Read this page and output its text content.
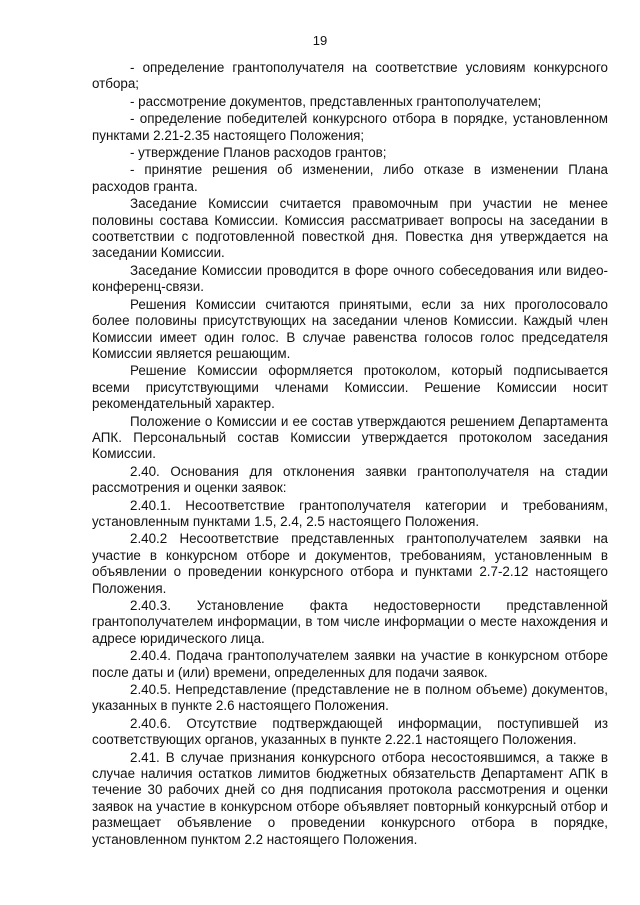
19

- определение грантополучателя на соответствие условиям конкурсного отбора;

- рассмотрение документов, представленных грантополучателем;

- определение победителей конкурсного отбора в порядке, установленном пунктами 2.21-2.35 настоящего Положения;

- утверждение Планов расходов грантов;

- принятие решения об изменении, либо отказе в изменении Плана расходов гранта.

Заседание Комиссии считается правомочным при участии не менее половины состава Комиссии. Комиссия рассматривает вопросы на заседании в соответствии с подготовленной повесткой дня. Повестка дня утверждается на заседании Комиссии.

Заседание Комиссии проводится в форе очного собеседования или видео-конференц-связи.

Решения Комиссии считаются принятыми, если за них проголосовало более половины присутствующих на заседании членов Комиссии. Каждый член Комиссии имеет один голос. В случае равенства голосов голос председателя Комиссии является решающим.

Решение Комиссии оформляется протоколом, который подписывается всеми присутствующими членами Комиссии. Решение Комиссии носит рекомендательный характер.

Положение о Комиссии и ее состав утверждаются решением Департамента АПК. Персональный состав Комиссии утверждается протоколом заседания Комиссии.

2.40. Основания для отклонения заявки грантополучателя на стадии рассмотрения и оценки заявок:

2.40.1. Несоответствие грантополучателя категории и требованиям, установленным пунктами 1.5, 2.4, 2.5 настоящего Положения.

2.40.2 Несоответствие представленных грантополучателем заявки на участие в конкурсном отборе и документов, требованиям, установленным в объявлении о проведении конкурсного отбора и пунктами 2.7-2.12 настоящего Положения.

2.40.3. Установление факта недостоверности представленной грантополучателем информации, в том числе информации о месте нахождения и адресе юридического лица.

2.40.4. Подача грантополучателем заявки на участие в конкурсном отборе после даты и (или) времени, определенных для подачи заявок.

2.40.5. Непредставление (представление не в полном объеме) документов, указанных в пункте 2.6 настоящего Положения.

2.40.6. Отсутствие подтверждающей информации, поступившей из соответствующих органов, указанных в пункте 2.22.1 настоящего Положения.

2.41. В случае признания конкурсного отбора несостоявшимся, а также в случае наличия остатков лимитов бюджетных обязательств Департамент АПК в течение 30 рабочих дней со дня подписания протокола рассмотрения и оценки заявок на участие в конкурсном отборе объявляет повторный конкурсный отбор и размещает объявление о проведении конкурсного отбора в порядке, установленном пунктом 2.2 настоящего Положения.
